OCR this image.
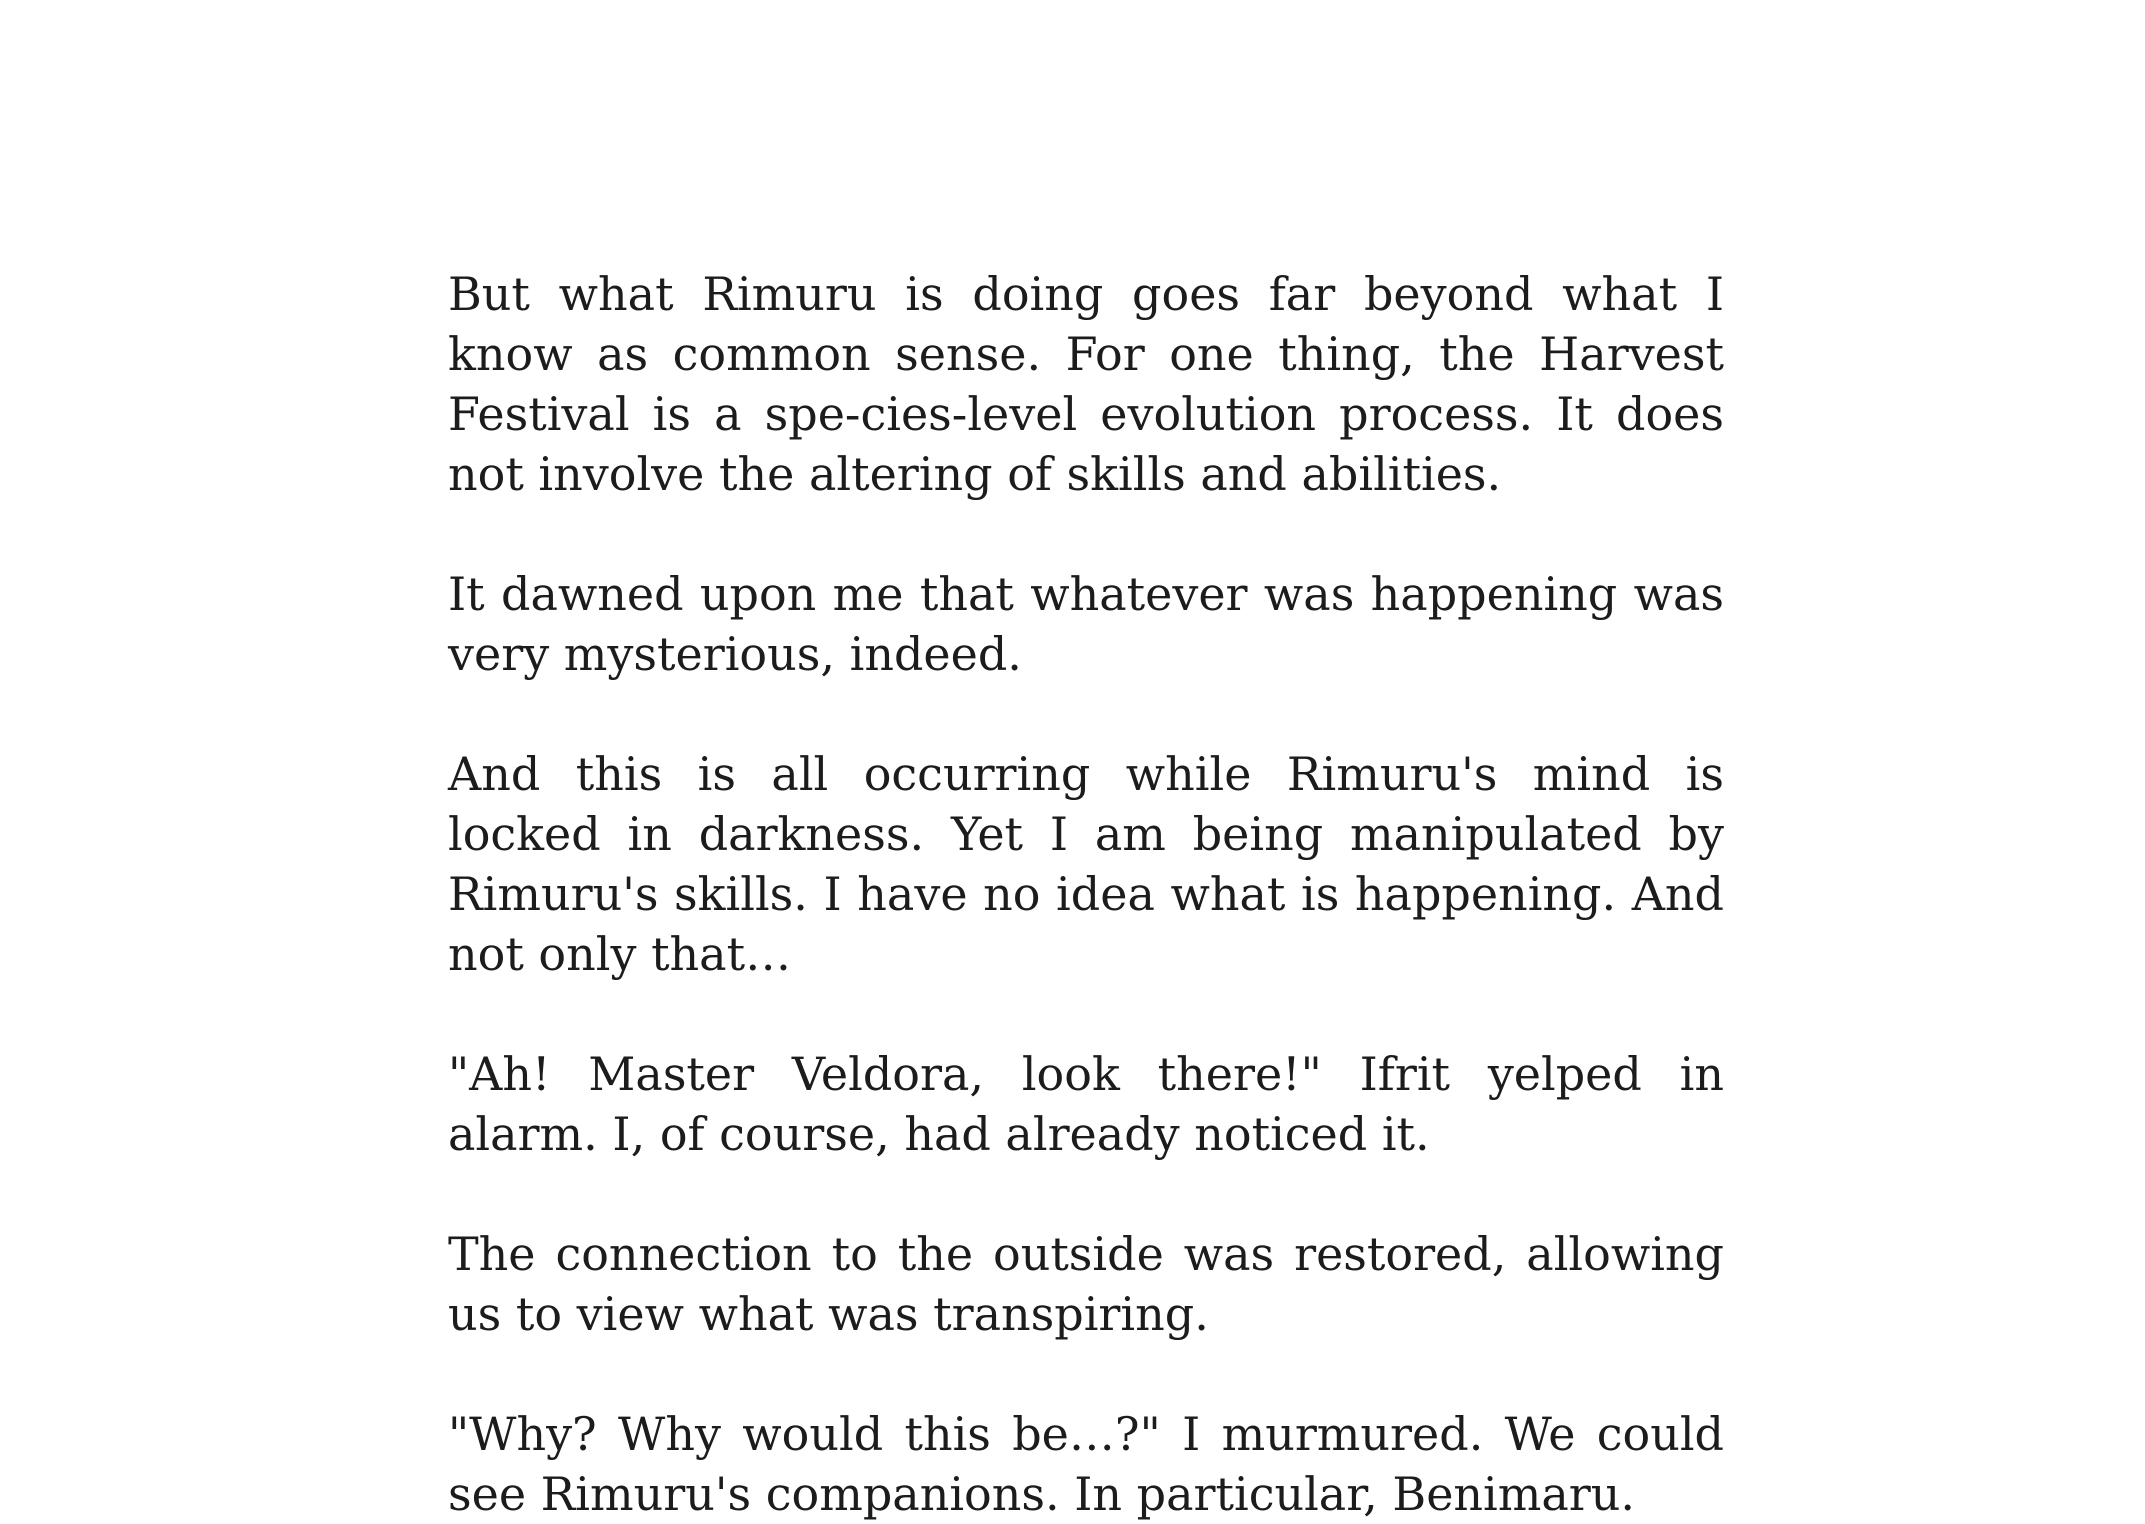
But what Rimuru is doing goes far beyond what I know as common sense. For one thing, the Harvest Festival is a spe-cies-level evolution process. It does not involve the altering of skills and abilities.

It dawned upon me that whatever was happening was very mysterious, indeed.

And this is all occurring while Rimuru's mind is locked in darkness. Yet I am being manipulated by Rimuru's skills. I have no idea what is happening. And not only that…

"Ah! Master Veldora, look there!" Ifrit yelped in alarm. I, of course, had already noticed it.

The connection to the outside was restored, allowing us to view what was transpiring.

"Why? Why would this be…?" I murmured. We could see Rimuru's companions. In particular, Benimaru.
